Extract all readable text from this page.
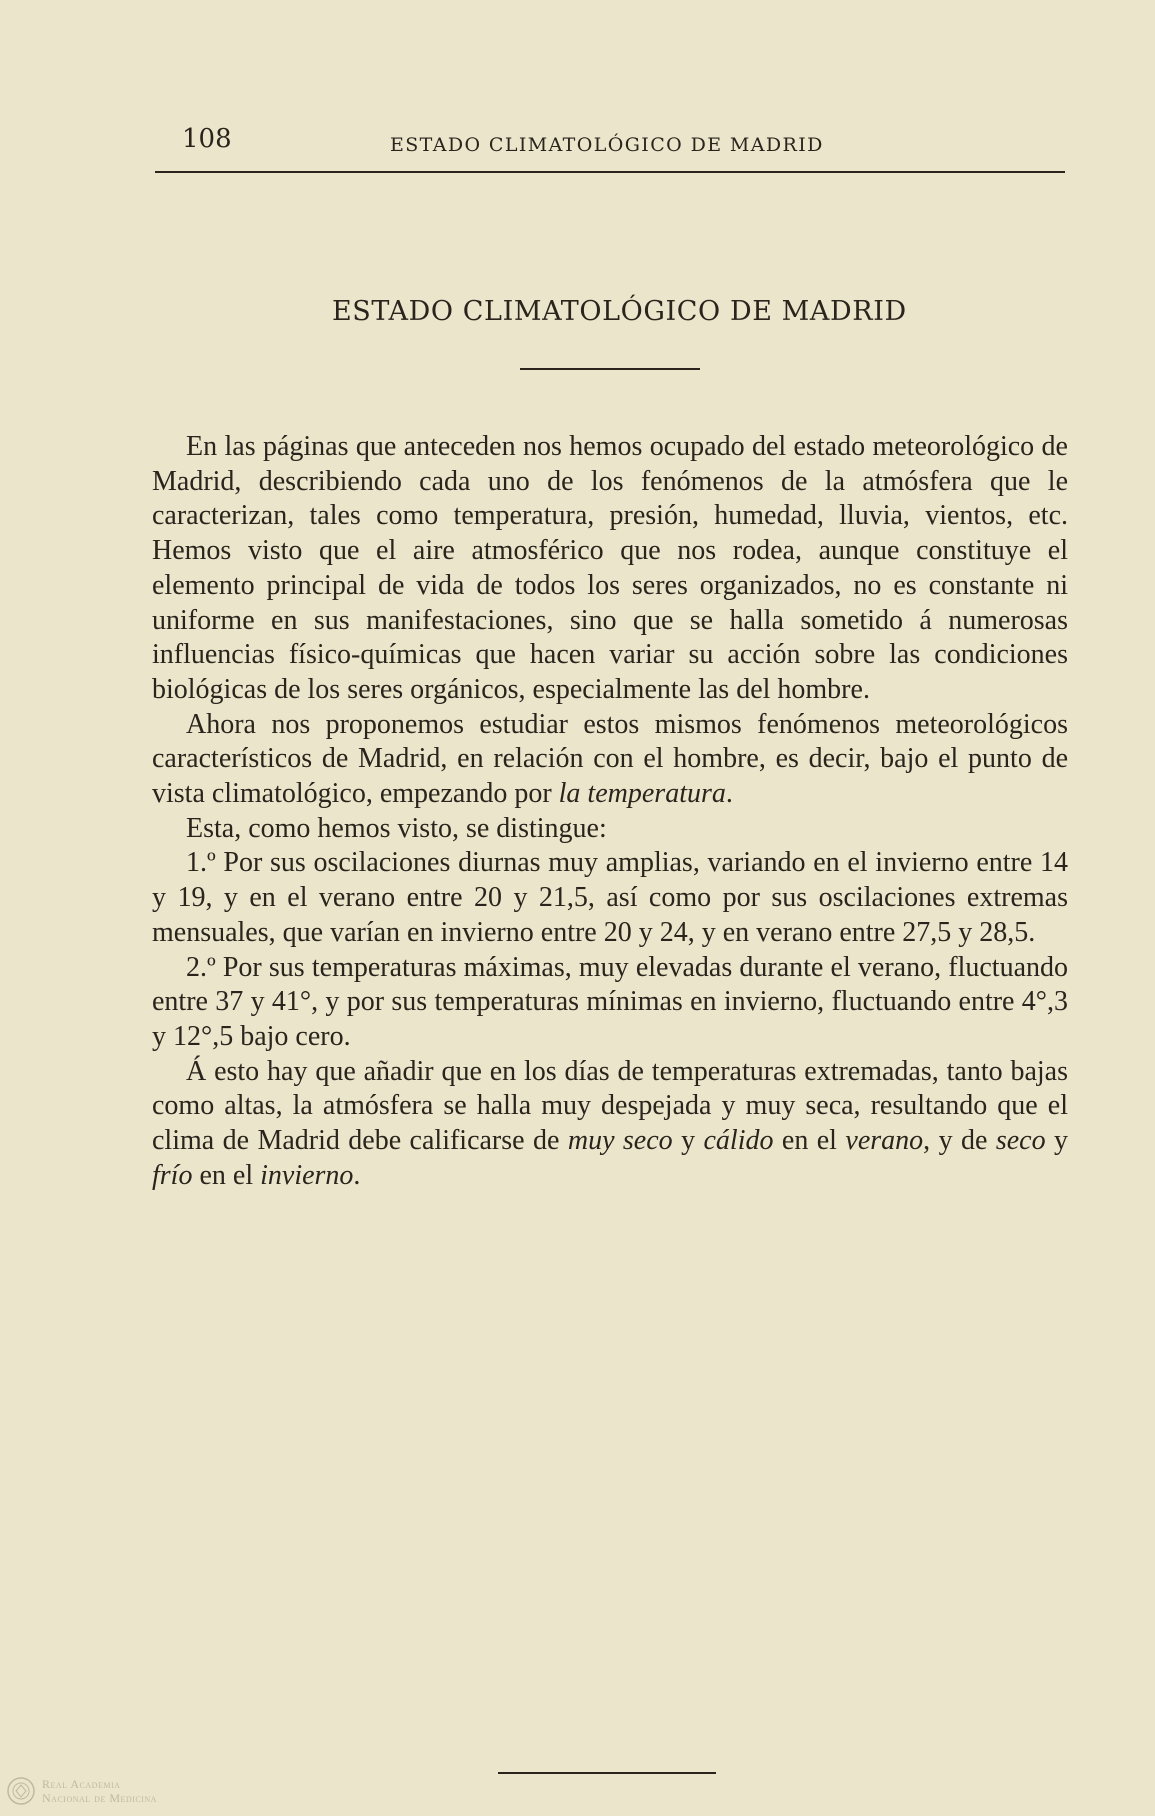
108	ESTADO CLIMATOLÓGICO DE MADRID
ESTADO CLIMATOLÓGICO DE MADRID

En las páginas que anteceden nos hemos ocupado del estado meteorológico de Madrid, describiendo cada uno de los fenómenos de la atmósfera que le caracterizan, tales como temperatura, presión, humedad, lluvia, vientos, etc. Hemos visto que el aire atmosférico que nos rodea, aunque constituye el elemento principal de vida de todos los seres organizados, no es constante ni uniforme en sus manifestaciones, sino que se halla sometido á numerosas influencias físico-químicas que hacen variar su acción sobre las condiciones biológicas de los seres orgánicos, especialmente las del hombre.

Ahora nos proponemos estudiar estos mismos fenómenos meteorológicos característicos de Madrid, en relación con el hombre, es decir, bajo el punto de vista climatológico, empezando por la temperatura.

Esta, como hemos visto, se distingue:

1.º Por sus oscilaciones diurnas muy amplias, variando en el invierno entre 14 y 19, y en el verano entre 20 y 21,5, así como por sus oscilaciones extremas mensuales, que varían en invierno entre 20 y 24, y en verano entre 27,5 y 28,5.

2.º Por sus temperaturas máximas, muy elevadas durante el verano, fluctuando entre 37 y 41°, y por sus temperaturas mínimas en invierno, fluctuando entre 4°,3 y 12°,5 bajo cero.

Á esto hay que añadir que en los días de temperaturas extremadas, tanto bajas como altas, la atmósfera se halla muy despejada y muy seca, resultando que el clima de Madrid debe calificarse de muy seco y cálido en el verano, y de seco y frío en el invierno.

Real Academia
Nacional de Medicina
